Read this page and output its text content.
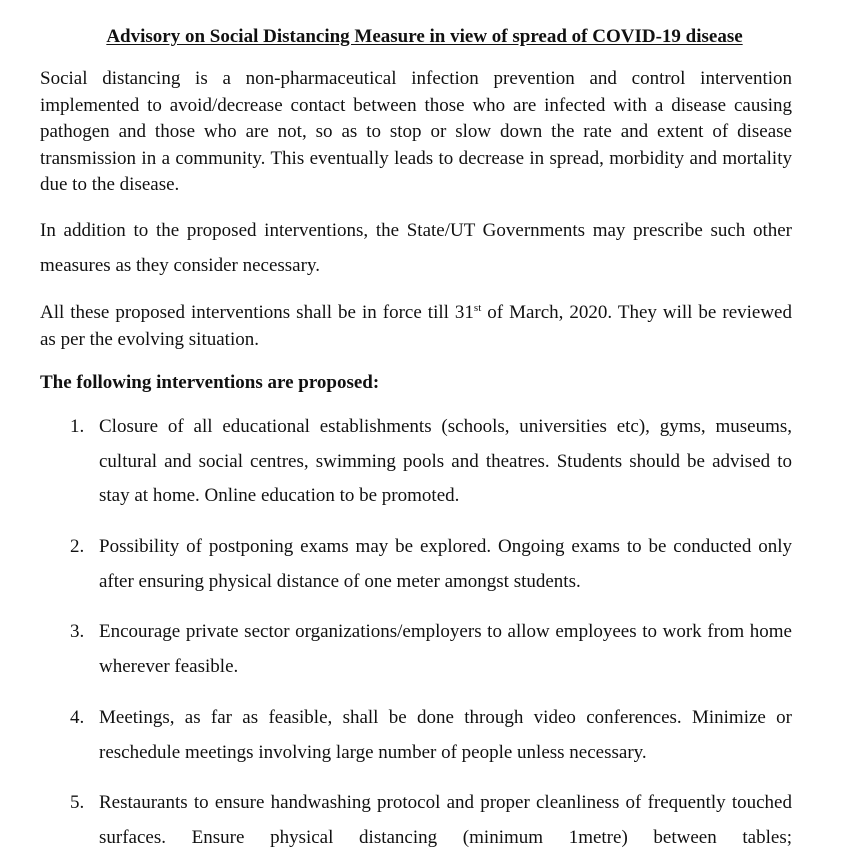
Advisory on Social Distancing Measure in view of spread of COVID-19 disease

Social distancing is a non-pharmaceutical infection prevention and control intervention implemented to avoid/decrease contact between those who are infected with a disease causing pathogen and those who are not, so as to stop or slow down the rate and extent of disease transmission in a community. This eventually leads to decrease in spread, morbidity and mortality due to the disease.

In addition to the proposed interventions, the State/UT Governments may prescribe such other measures as they consider necessary.

All these proposed interventions shall be in force till 31st of March, 2020. They will be reviewed as per the evolving situation.

The following interventions are proposed:
1. Closure of all educational establishments (schools, universities etc), gyms, museums, cultural and social centres, swimming pools and theatres. Students should be advised to stay at home. Online education to be promoted.
2. Possibility of postponing exams may be explored. Ongoing exams to be conducted only after ensuring physical distance of one meter amongst students.
3. Encourage private sector organizations/employers to allow employees to work from home wherever feasible.
4. Meetings, as far as feasible, shall be done through video conferences. Minimize or reschedule meetings involving large number of people unless necessary.
5. Restaurants to ensure handwashing protocol and proper cleanliness of frequently touched surfaces. Ensure physical distancing (minimum 1metre) between tables;
